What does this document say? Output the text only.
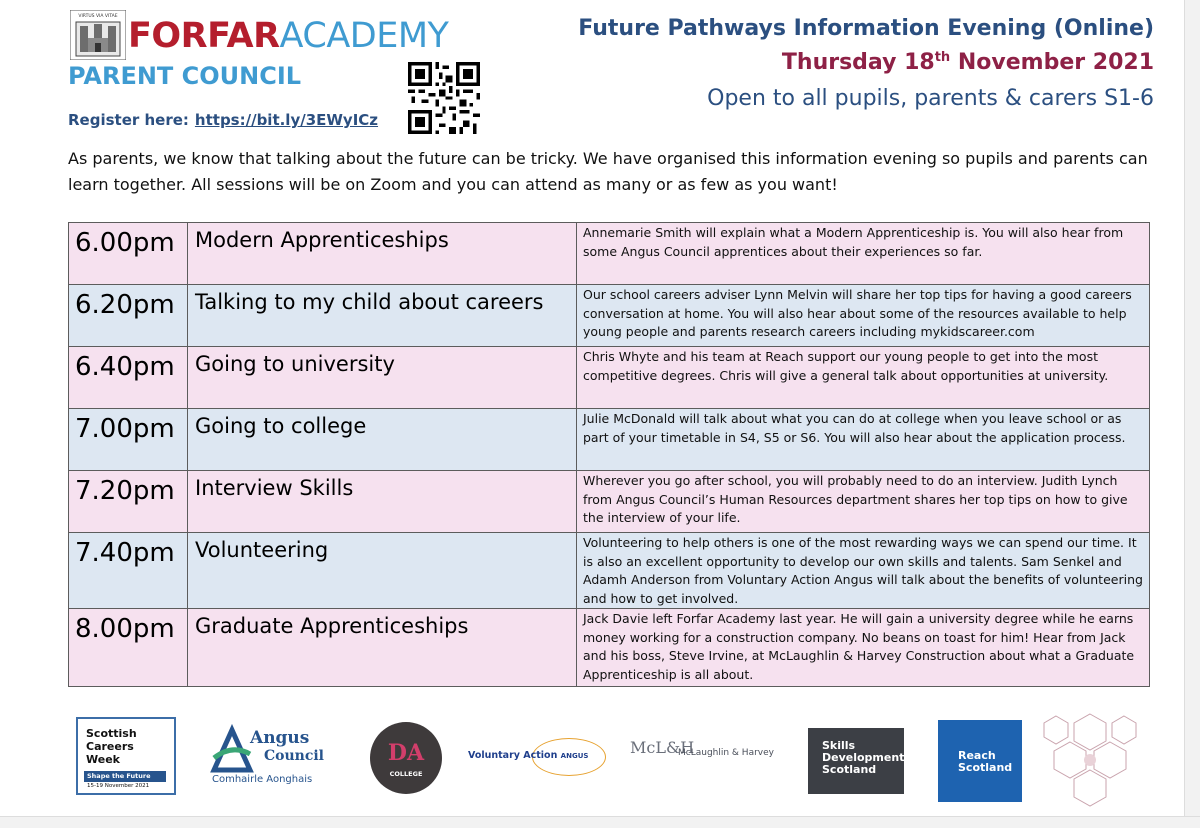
VIRTUS VIA VITAE FORFARACADEMY
PARENT COUNCIL
Register here: https://bit.ly/3EWyICz
Future Pathways Information Evening (Online)
Thursday 18th November 2021
Open to all pupils, parents & carers S1-6
As parents, we know that talking about the future can be tricky. We have organised this information evening so pupils and parents can learn together. All sessions will be on Zoom and you can attend as many or as few as you want!
6.00pm	Modern Apprenticeships	Annemarie Smith will explain what a Modern Apprenticeship is. You will also hear from some Angus Council apprentices about their experiences so far.
6.20pm	Talking to my child about careers	Our school careers adviser Lynn Melvin will share her top tips for having a good careers conversation at home. You will also hear about some of the resources available to help young people and parents research careers including mykidscareer.com
6.40pm	Going to university	Chris Whyte and his team at Reach support our young people to get into the most competitive degrees. Chris will give a general talk about opportunities at university.
7.00pm	Going to college	Julie McDonald will talk about what you can do at college when you leave school or as part of your timetable in S4, S5 or S6. You will also hear about the application process.
7.20pm	Interview Skills	Wherever you go after school, you will probably need to do an interview. Judith Lynch from Angus Council’s Human Resources department shares her top tips on how to give the interview of your life.
7.40pm	Volunteering	Volunteering to help others is one of the most rewarding ways we can spend our time. It is also an excellent opportunity to develop our own skills and talents. Sam Senkel and Adamh Anderson from Voluntary Action Angus will talk about the benefits of volunteering and how to get involved.
8.00pm	Graduate Apprenticeships	Jack Davie left Forfar Academy last year. He will gain a university degree while he earns money working for a construction company. No beans on toast for him! Hear from Jack and his boss, Steve Irvine, at McLaughlin & Harvey Construction about what a Graduate Apprenticeship is all about.
Scottish Careers Week
Shape the Future
15-19 November 2021
Angus
Council
Comhairle Aonghais
DA
COLLEGE
Voluntary Action ANGUS	McL&H
McLaughlin & Harvey
Skills Development Scotland
Reach Scotland
